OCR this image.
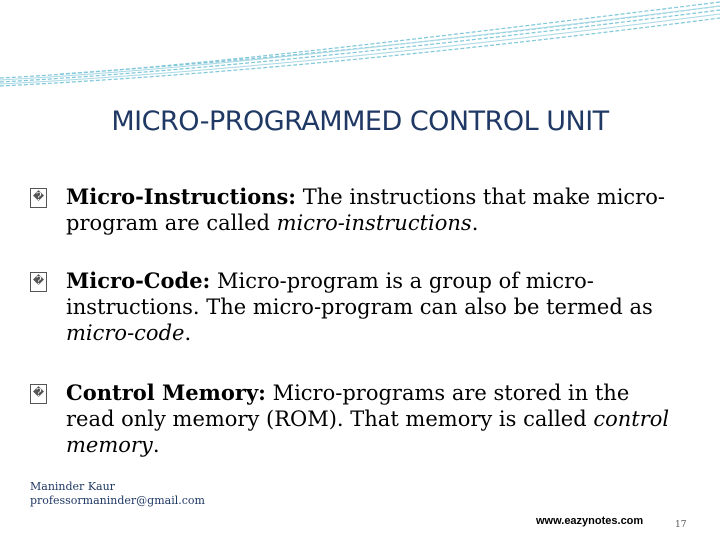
MICRO-PROGRAMMED CONTROL UNIT
� Micro-Instructions: The instructions that make micro-program are called micro-instructions.
� Micro-Code: Micro-program is a group of micro-instructions. The micro-program can also be termed as micro-code.
� Control Memory: Micro-programs are stored in the read only memory (ROM). That memory is called control memory.
Maninder Kaur
professormaninder@gmail.com
www.eazynotes.com	17
